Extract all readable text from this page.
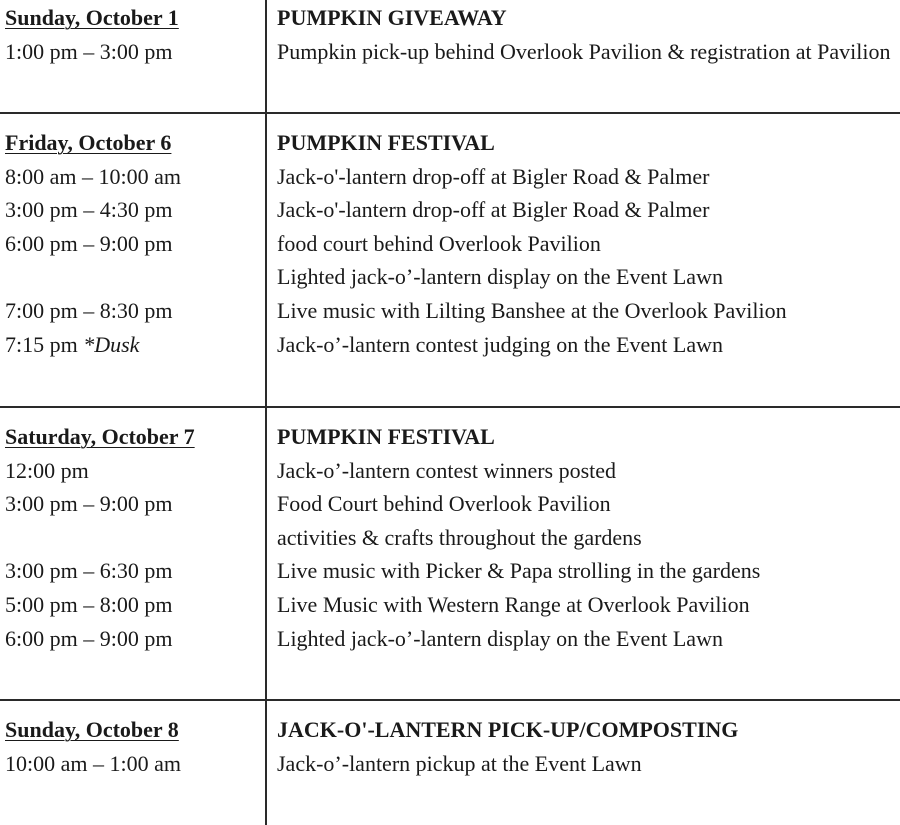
Sunday, October 1
1:00 pm – 3:00 pm
PUMPKIN GIVEAWAY
Pumpkin pick-up behind Overlook Pavilion & registration at Pavilion
Friday, October 6
8:00 am – 10:00 am
3:00 pm – 4:30 pm
6:00 pm – 9:00 pm
7:00 pm – 8:30 pm
7:15 pm *Dusk
PUMPKIN FESTIVAL
Jack-o'-lantern drop-off at Bigler Road & Palmer
Jack-o'-lantern drop-off at Bigler Road & Palmer
food court behind Overlook Pavilion
Lighted jack-o’-lantern display on the Event Lawn
Live music with Lilting Banshee at the Overlook Pavilion
Jack-o’-lantern contest judging on the Event Lawn
Saturday, October 7
12:00 pm
3:00 pm – 9:00 pm
3:00 pm – 6:30 pm
5:00 pm – 8:00 pm
6:00 pm – 9:00 pm
PUMPKIN FESTIVAL
Jack-o’-lantern contest winners posted
Food Court behind Overlook Pavilion
activities & crafts throughout the gardens
Live music with Picker & Papa strolling in the gardens
Live Music with Western Range at Overlook Pavilion
Lighted jack-o’-lantern display on the Event Lawn
Sunday, October 8
10:00 am – 1:00 am
JACK-O'-LANTERN PICK-UP/COMPOSTING
Jack-o’-lantern pickup at the Event Lawn
